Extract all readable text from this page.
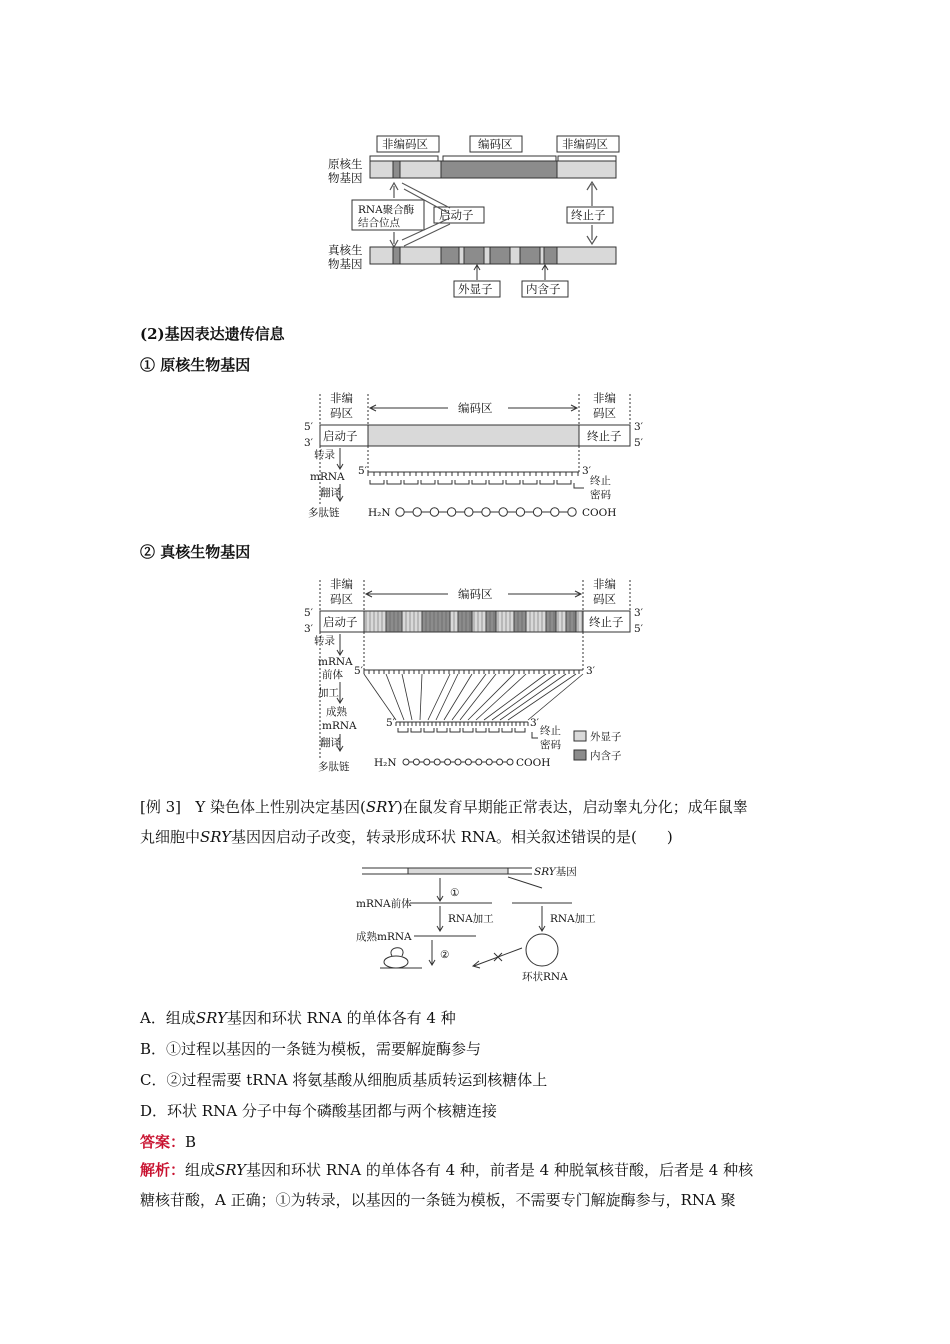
非编码区	编码区	非编码区
原核生
物基因
RNA聚合酶
结合位点
启动子	终止子
真核生
物基因
外显子	内含子
(2)基因表达遗传信息
① 原核生物基因
非编
码区	编码区
非编
码区
5′
3′
3′
5′
启动子	终止子
转录
mRNA 5′	3′
翻译
终止
密码
多肽链	H₂N	COOH
② 真核生物基因
非编
码区	编码区
非编
码区
5′
3′
3′
5′
启动子	终止子
转录
mRNA
前体 5′	3′
加工
成熟
mRNA	5′	3′
翻译
终止
密码
外显子
内含子
多肽链 H₂N	COOH
[例 3] Y 染色体上性别决定基因(SRY)在鼠发育早期能正常表达，启动睾丸分化；成年鼠睾
丸细胞中SRY基因因启动子改变，转录形成环状 RNA。相关叙述错误的是(　　)
SRY基因
①
mRNA前体
RNA加工	RNA加工
成熟mRNA
②
环状RNA
A．组成SRY基因和环状 RNA 的单体各有 4 种
B．①过程以基因的一条链为模板，需要解旋酶参与
C．②过程需要 tRNA 将氨基酸从细胞质基质转运到核糖体上
D．环状 RNA 分子中每个磷酸基团都与两个核糖连接
答案：B
解析：组成SRY基因和环状 RNA 的单体各有 4 种，前者是 4 种脱氧核苷酸，后者是 4 种核
糖核苷酸，A 正确；①为转录，以基因的一条链为模板，不需要专门解旋酶参与，RNA 聚
